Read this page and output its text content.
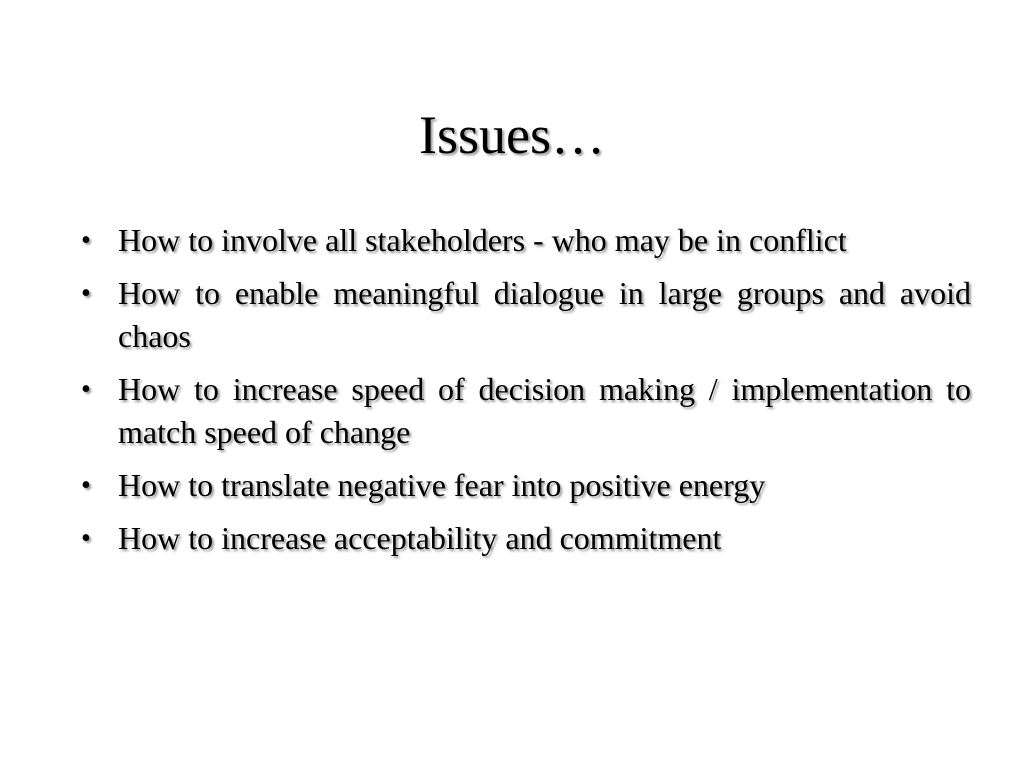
Issues…
• How to involve all stakeholders - who may be in conflict
• How to enable meaningful dialogue in large groups and avoid chaos
• How to increase speed of decision making / implementation to match speed of change
• How to translate negative fear into positive energy
• How to increase acceptability and commitment
